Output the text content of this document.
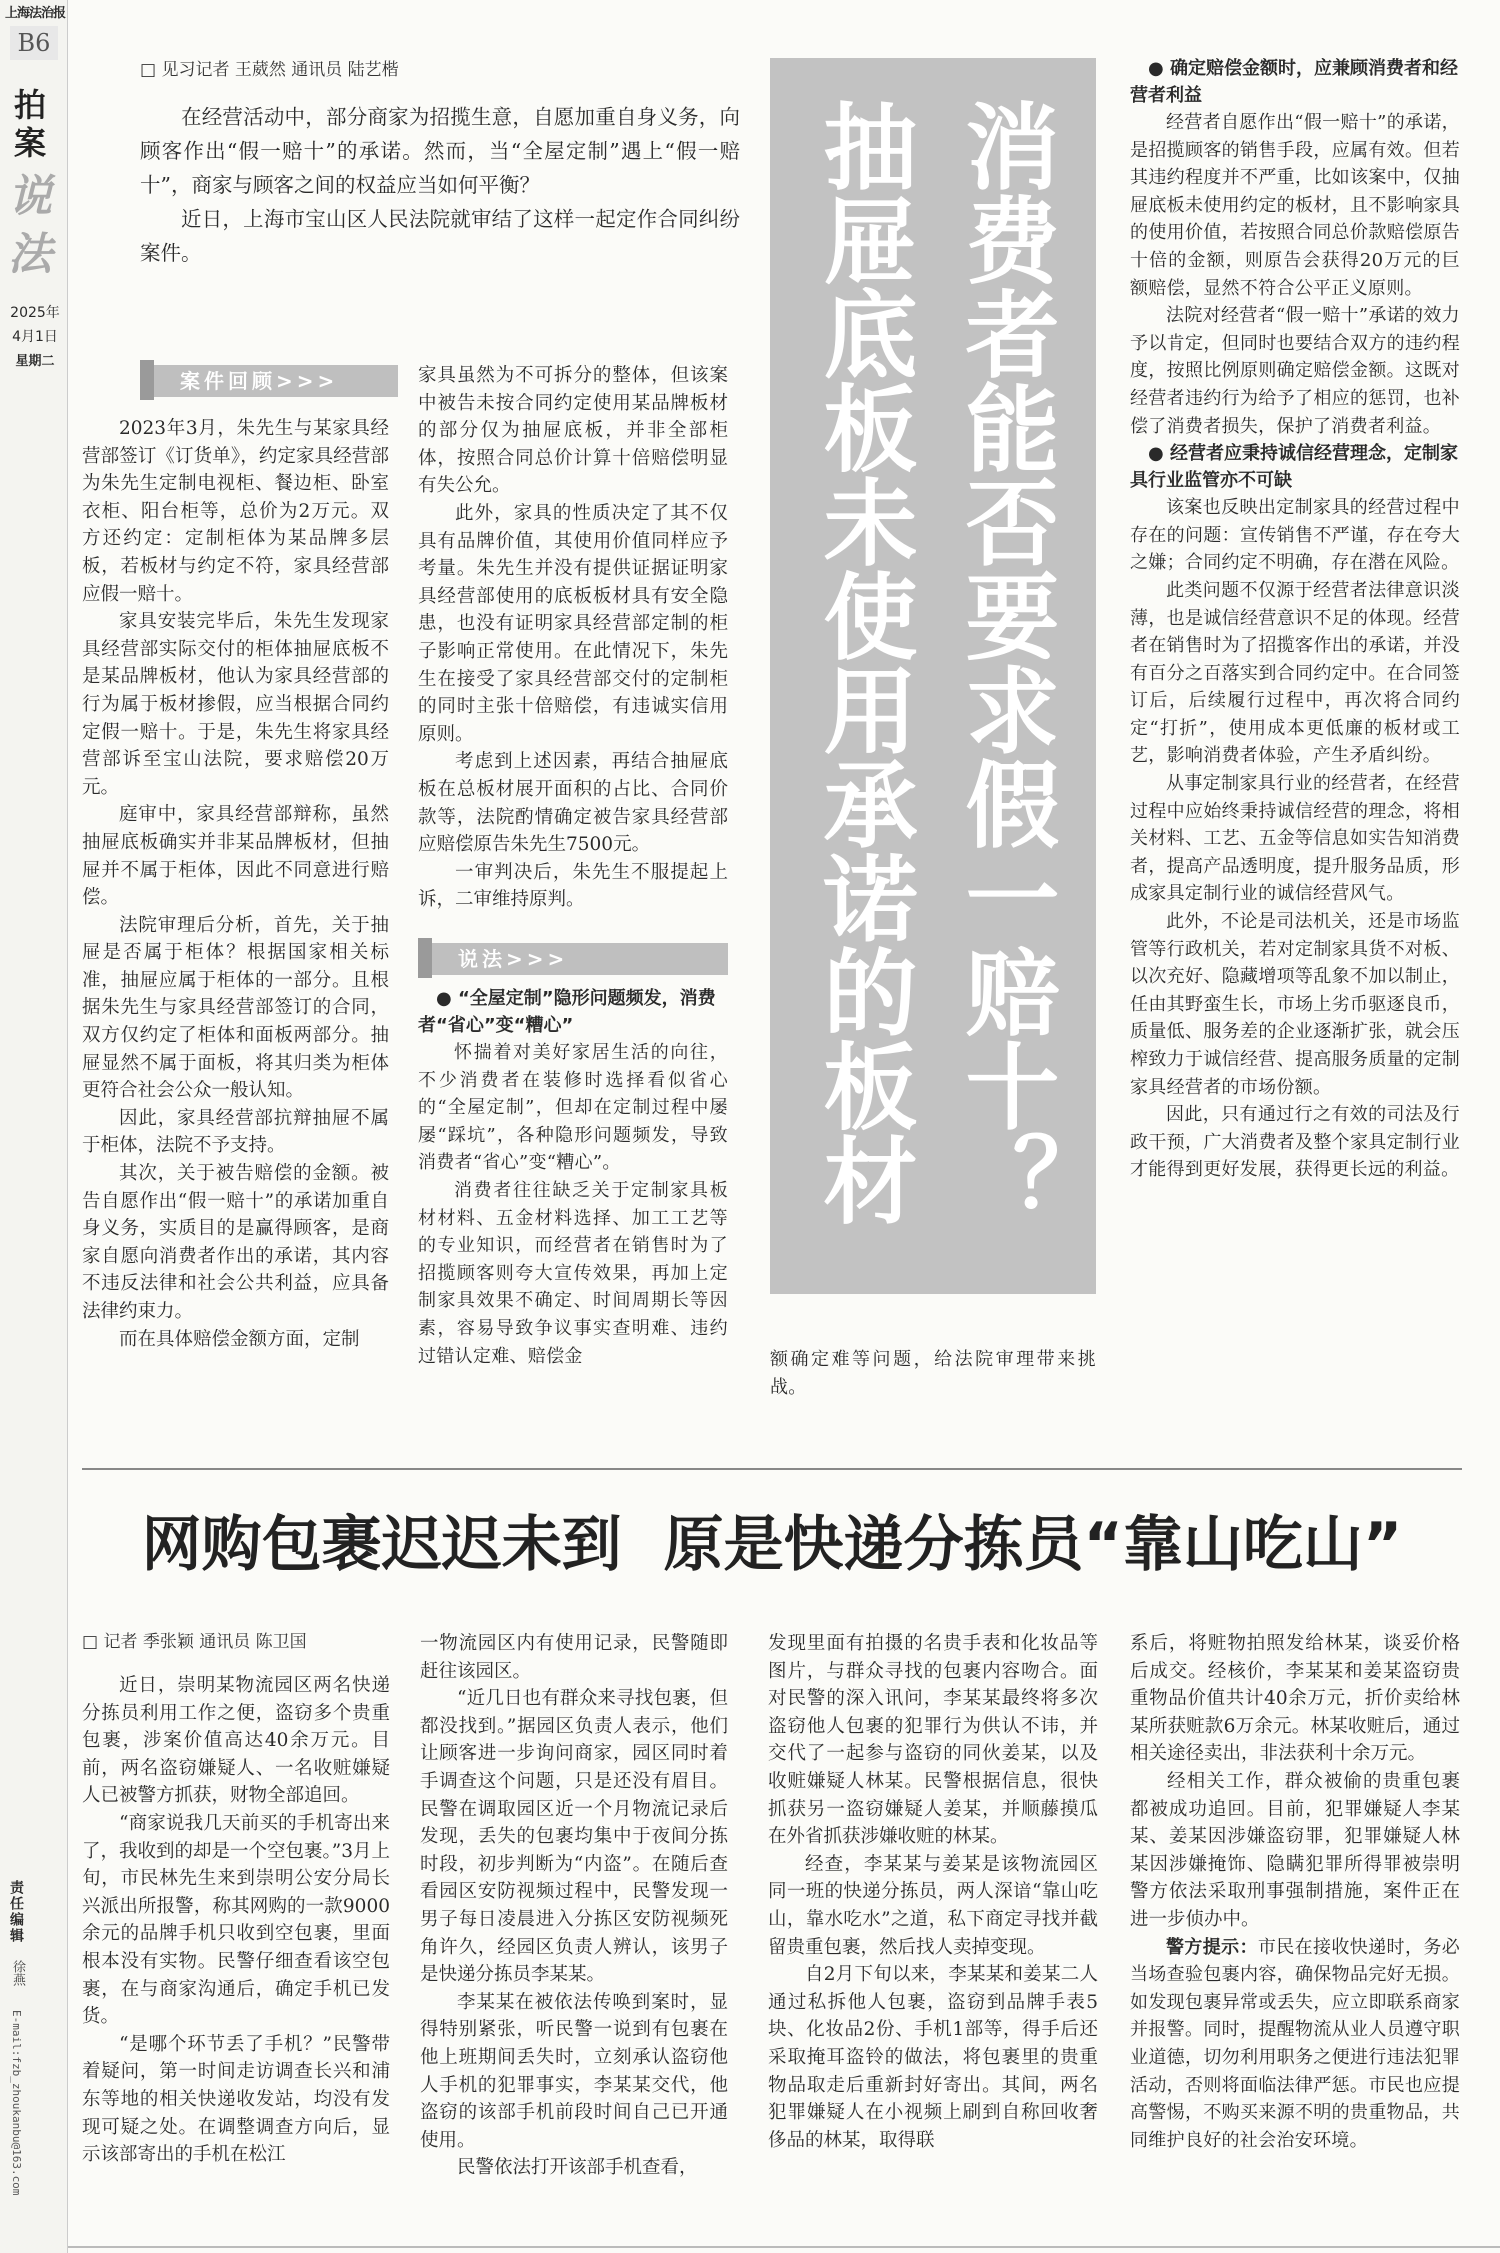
上海法治报
B6
拍
案
说
法
2025年
4月1日
星期二
责任编辑
徐燕
E-mail:fzb_zhoukanbu@163.com
□ 见习记者 王葳然 通讯员 陆艺楷

在经营活动中，部分商家为招揽生意，自愿加重自身义务，向顾客作出“假一赔十”的承诺。然而，当“全屋定制”遇上“假一赔十”，商家与顾客之间的权益应当如何平衡？

近日，上海市宝山区人民法院就审结了这样一起定作合同纠纷案件。	消费者能否要求假一赔十？
抽屉底板未使用承诺的板材
案件回顾>>>

2023年3月，朱先生与某家具经营部签订《订货单》，约定家具经营部为朱先生定制电视柜、餐边柜、卧室衣柜、阳台柜等，总价为2万元。双方还约定：定制柜体为某品牌多层板，若板材与约定不符，家具经营部应假一赔十。

家具安装完毕后，朱先生发现家具经营部实际交付的柜体抽屉底板不是某品牌板材，他认为家具经营部的行为属于板材掺假，应当根据合同约定假一赔十。于是，朱先生将家具经营部诉至宝山法院，要求赔偿20万元。

庭审中，家具经营部辩称，虽然抽屉底板确实并非某品牌板材，但抽屉并不属于柜体，因此不同意进行赔偿。

法院审理后分析，首先，关于抽屉是否属于柜体？根据国家相关标准，抽屉应属于柜体的一部分。且根据朱先生与家具经营部签订的合同，双方仅约定了柜体和面板两部分。抽屉显然不属于面板，将其归类为柜体更符合社会公众一般认知。

因此，家具经营部抗辩抽屉不属于柜体，法院不予支持。

其次，关于被告赔偿的金额。被告自愿作出“假一赔十”的承诺加重自身义务，实质目的是赢得顾客，是商家自愿向消费者作出的承诺，其内容不违反法律和社会公共利益，应具备法律约束力。

而在具体赔偿金额方面，定制

家具虽然为不可拆分的整体，但该案中被告未按合同约定使用某品牌板材的部分仅为抽屉底板，并非全部柜体，按照合同总价计算十倍赔偿明显有失公允。

此外，家具的性质决定了其不仅具有品牌价值，其使用价值同样应予考量。朱先生并没有提供证据证明家具经营部使用的底板板材具有安全隐患，也没有证明家具经营部定制的柜子影响正常使用。在此情况下，朱先生在接受了家具经营部交付的定制柜的同时主张十倍赔偿，有违诚实信用原则。

考虑到上述因素，再结合抽屉底板在总板材展开面积的占比、合同价款等，法院酌情确定被告家具经营部应赔偿原告朱先生7500元。

一审判决后，朱先生不服提起上诉，二审维持原判。

说法>>>

● “全屋定制”隐形问题频发，消费者“省心”变“糟心”

怀揣着对美好家居生活的向往，不少消费者在装修时选择看似省心的“全屋定制”，但却在定制过程中屡屡“踩坑”，各种隐形问题频发，导致消费者“省心”变“糟心”。

消费者往往缺乏关于定制家具板材材料、五金材料选择、加工工艺等的专业知识，而经营者在销售时为了招揽顾客则夸大宣传效果，再加上定制家具效果不确定、时间周期长等因素，容易导致争议事实查明难、违约过错认定难、赔偿金	额确定难等问题，给法院审理带来挑战。

● 确定赔偿金额时，应兼顾消费者和经营者利益

经营者自愿作出“假一赔十”的承诺，是招揽顾客的销售手段，应属有效。但若其违约程度并不严重，比如该案中，仅抽屉底板未使用约定的板材，且不影响家具的使用价值，若按照合同总价款赔偿原告十倍的金额，则原告会获得20万元的巨额赔偿，显然不符合公平正义原则。

法院对经营者“假一赔十”承诺的效力予以肯定，但同时也要结合双方的违约程度，按照比例原则确定赔偿金额。这既对经营者违约行为给予了相应的惩罚，也补偿了消费者损失，保护了消费者利益。

● 经营者应秉持诚信经营理念，定制家具行业监管亦不可缺

该案也反映出定制家具的经营过程中存在的问题：宣传销售不严谨，存在夸大之嫌；合同约定不明确，存在潜在风险。

此类问题不仅源于经营者法律意识淡薄，也是诚信经营意识不足的体现。经营者在销售时为了招揽客作出的承诺，并没有百分之百落实到合同约定中。在合同签订后，后续履行过程中，再次将合同约定“打折”，使用成本更低廉的板材或工艺，影响消费者体验，产生矛盾纠纷。

从事定制家具行业的经营者，在经营过程中应始终秉持诚信经营的理念，将相关材料、工艺、五金等信息如实告知消费者，提高产品透明度，提升服务品质，形成家具定制行业的诚信经营风气。

此外，不论是司法机关，还是市场监管等行政机关，若对定制家具货不对板、以次充好、隐藏增项等乱象不加以制止，任由其野蛮生长，市场上劣币驱逐良币，质量低、服务差的企业逐渐扩张，就会压榨致力于诚信经营、提高服务质量的定制家具经营者的市场份额。

因此，只有通过行之有效的司法及行政干预，广大消费者及整个家具定制行业才能得到更好发展，获得更长远的利益。

网购包裹迟迟未到  原是快递分拣员“靠山吃山”
□ 记者 季张颖 通讯员 陈卫国

近日，崇明某物流园区两名快递分拣员利用工作之便，盗窃多个贵重包裹，涉案价值高达40余万元。目前，两名盗窃嫌疑人、一名收赃嫌疑人已被警方抓获，财物全部追回。

“商家说我几天前买的手机寄出来了，我收到的却是一个空包裹。”3月上旬，市民林先生来到崇明公安分局长兴派出所报警，称其网购的一款9000余元的品牌手机只收到空包裹，里面根本没有实物。民警仔细查看该空包裹，在与商家沟通后，确定手机已发货。

“是哪个环节丢了手机？”民警带着疑问，第一时间走访调查长兴和浦东等地的相关快递收发站，均没有发现可疑之处。在调整调查方向后，显示该部寄出的手机在松江

一物流园区内有使用记录，民警随即赶往该园区。

“近几日也有群众来寻找包裹，但都没找到。”据园区负责人表示，他们让顾客进一步询问商家，园区同时着手调查这个问题，只是还没有眉目。民警在调取园区近一个月物流记录后发现，丢失的包裹均集中于夜间分拣时段，初步判断为“内盗”。在随后查看园区安防视频过程中，民警发现一男子每日凌晨进入分拣区安防视频死角许久，经园区负责人辨认，该男子是快递分拣员李某某。

李某某在被依法传唤到案时，显得特别紧张，听民警一说到有包裹在他上班期间丢失时，立刻承认盗窃他人手机的犯罪事实，李某某交代，他盗窃的该部手机前段时间自己已开通使用。

民警依法打开该部手机查看，

发现里面有拍摄的名贵手表和化妆品等图片，与群众寻找的包裹内容吻合。面对民警的深入讯问，李某某最终将多次盗窃他人包裹的犯罪行为供认不讳，并交代了一起参与盗窃的同伙姜某，以及收赃嫌疑人林某。民警根据信息，很快抓获另一盗窃嫌疑人姜某，并顺藤摸瓜在外省抓获涉嫌收赃的林某。

经查，李某某与姜某是该物流园区同一班的快递分拣员，两人深谙“靠山吃山，靠水吃水”之道，私下商定寻找并截留贵重包裹，然后找人卖掉变现。

自2月下旬以来，李某某和姜某二人通过私拆他人包裹，盗窃到品牌手表5块、化妆品2份、手机1部等，得手后还采取掩耳盗铃的做法，将包裹里的贵重物品取走后重新封好寄出。其间，两名犯罪嫌疑人在小视频上刷到自称回收奢侈品的林某，取得联

系后，将赃物拍照发给林某，谈妥价格后成交。经核价，李某某和姜某盗窃贵重物品价值共计40余万元，折价卖给林某所获赃款6万余元。林某收赃后，通过相关途径卖出，非法获利十余万元。

经相关工作，群众被偷的贵重包裹都被成功追回。目前，犯罪嫌疑人李某某、姜某因涉嫌盗窃罪，犯罪嫌疑人林某因涉嫌掩饰、隐瞒犯罪所得罪被崇明警方依法采取刑事强制措施，案件正在进一步侦办中。

警方提示：市民在接收快递时，务必当场查验包裹内容，确保物品完好无损。如发现包裹异常或丢失，应立即联系商家并报警。同时，提醒物流从业人员遵守职业道德，切勿利用职务之便进行违法犯罪活动，否则将面临法律严惩。市民也应提高警惕，不购买来源不明的贵重物品，共同维护良好的社会治安环境。
